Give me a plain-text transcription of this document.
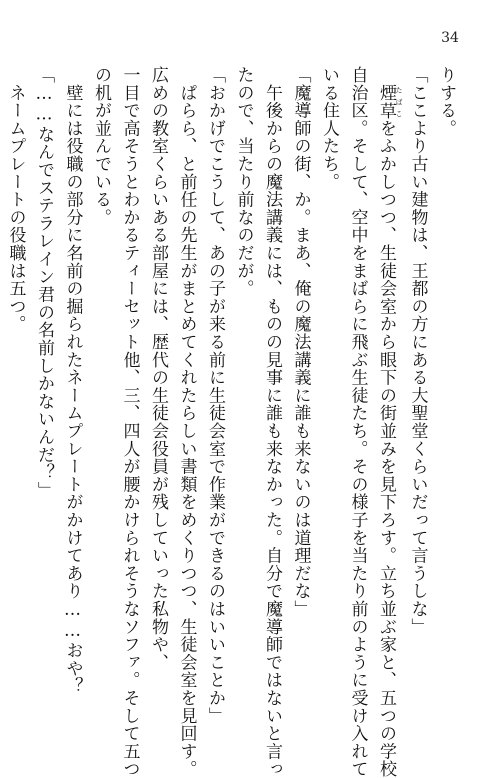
34
りする。
「ここより古い建物は、王都の方にある大聖堂くらいだって言うしな」
　煙草 たばこをふかしつつ、生徒会室から眼下の街並みを見下ろす。立ち並ぶ家と、五つの学校
自治区。そして、空中をまばらに飛ぶ生徒たち。その様子を当たり前のように受け入れて
いる住人たち。
「魔導師の街、か。まあ、俺の魔法講義に誰も来ないのは道理だな」
　午後からの魔法講義には、ものの見事に誰も来なかった。自分で魔導師ではないと言っ
たので、当たり前なのだが。
「おかげでこうして、あの子が来る前に生徒会室で作業ができるのはいいことか」
　ぱらら、と前任の先生がまとめてくれたらしい書類をめくりつつ、生徒会室を見回す。
広めの教室くらいある部屋には、歴代の生徒会役員が残していった私物や、
一目で高そうとわかるティーセット他、三、四人が腰かけられそうなソファ。そして五つ
の机が並んでいる。
　壁には役職の部分に名前の掘られたネームプレートがかけてあり……おや？
「……なんでステラレイン君の名前しかないんだ？」
　ネームプレートの役職は五つ。
